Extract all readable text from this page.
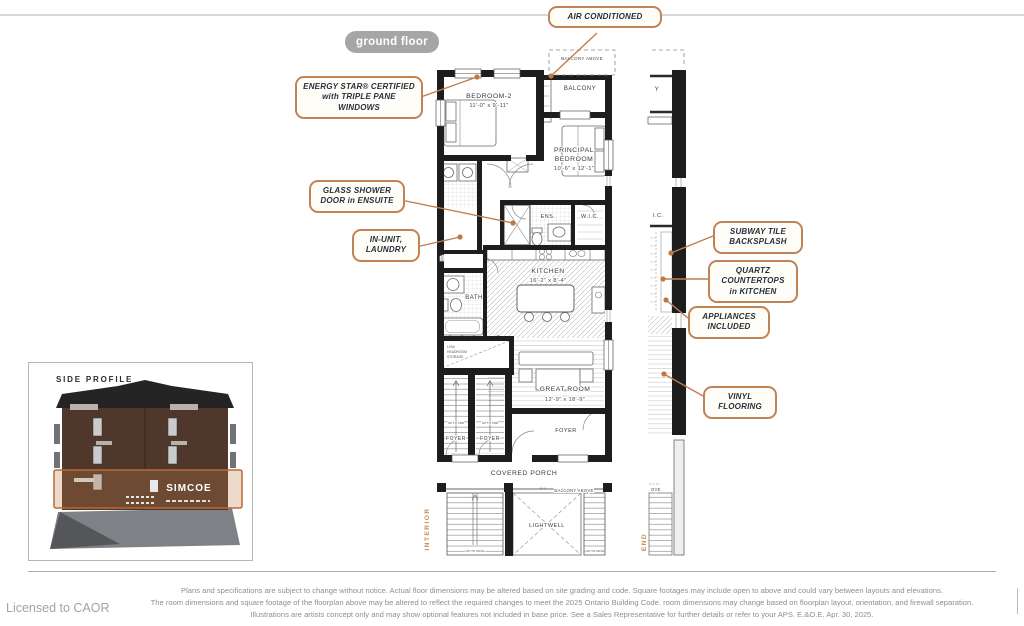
ground floor
BALCONY ABOVE
BEDROOM-2
11'-0" x 9'-11"
BALCONY
PRINCIPAL
BEDROOM
10'-6" x 12'-1"
ENS.	W.I.C.
LN.
BATH
KITCHEN
16'-2" x 8'-4"
LOW
HEADROOM
STORAGE
GREAT ROOM
12'-9" x 18'-9"
UP TO 2ND	UP TO 2ND
FOYER	FOYER
FOYER
COVERED PORCH
BALCONY ABOVE
LIGHTWELL
UP TO MAIN	UP TO MAIN
INTERIOR
Y
I.C.
OVE
END
SIDE PROFILE
SIMCOE
AIR CONDITIONED
ENERGY STAR® CERTIFIED
with TRIPLE PANE
WINDOWS
GLASS SHOWER
DOOR in ENSUITE
IN-UNIT,
LAUNDRY
SUBWAY TILE
BACKSPLASH
QUARTZ
COUNTERTOPS
in KITCHEN
APPLIANCES
INCLUDED
VINYL
FLOORING
Plans and specifications are subject to change without notice. Actual floor dimensions may be altered based on site grading and code. Square footages may include open to above and could vary between layouts and elevations.
The room dimensions and square footage of the floorplan above may be altered to reflect the required changes to meet the 2025 Ontario Building Code. room dimensions may change based on floorplan layout, orientation, and firewall separation.
Illustrations are artists concept only and may show optional features not included in base price. See a Sales Representative for further details or refer to your APS. E.&O.E. Apr. 30, 2025.
Licensed to CAOR
